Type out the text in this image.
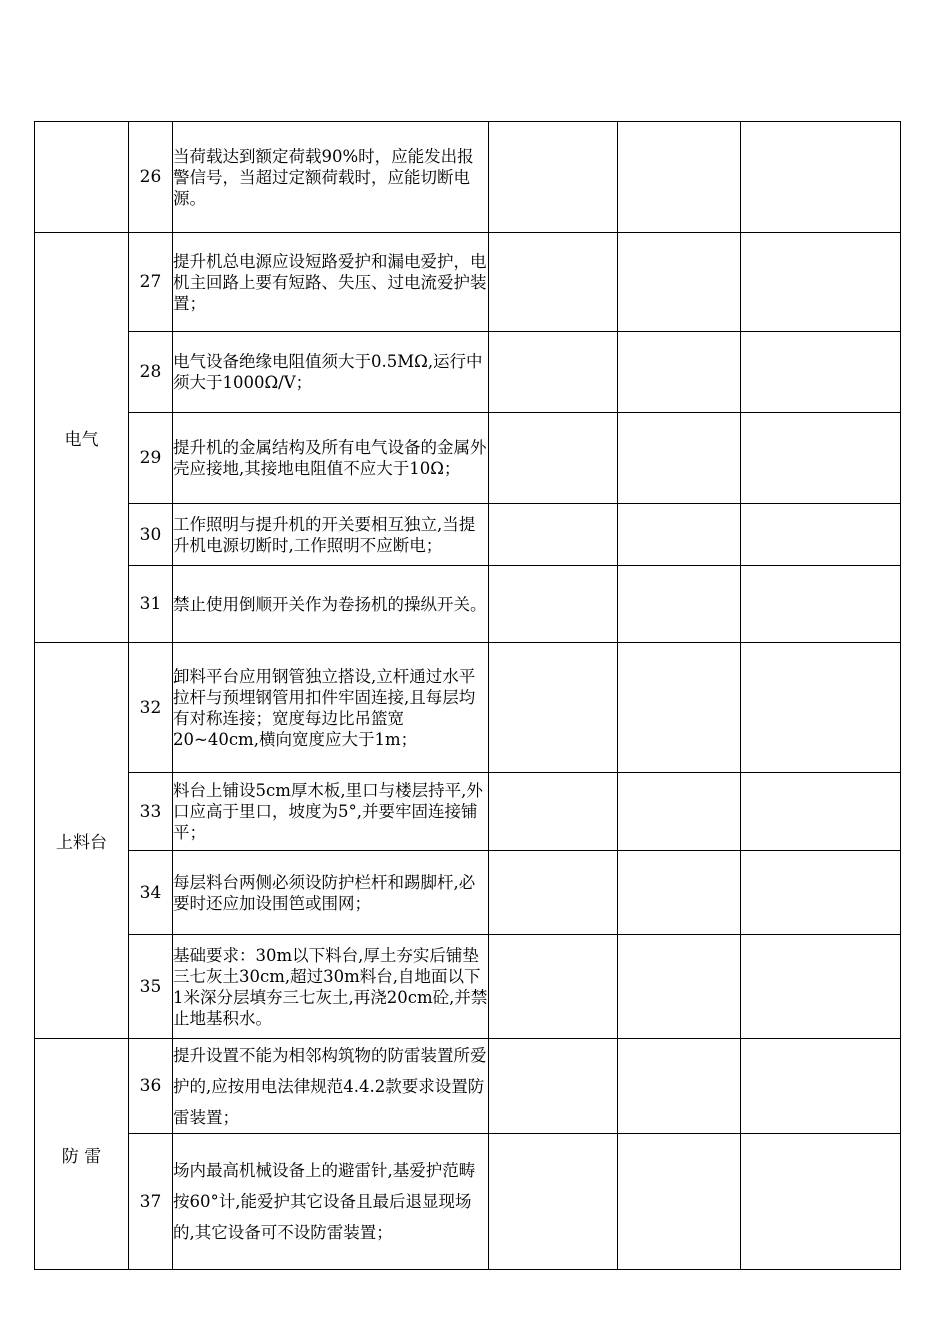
	26	当荷载达到额定荷载90%时，应能发出报警信号，当超过定额荷载时，应能切断电源。			
电气	27	提升机总电源应设短路爱护和漏电爱护，电机主回路上要有短路、失压、过电流爱护装置；			
	28	电气设备绝缘电阻值须大于0.5MΩ,运行中须大于1000Ω/V；			
	29	提升机的金属结构及所有电气设备的金属外壳应接地,其接地电阻值不应大于10Ω；			
	30	工作照明与提升机的开关要相互独立,当提升机电源切断时,工作照明不应断电；			
	31	禁止使用倒顺开关作为卷扬机的操纵开关。			
上料台	32	卸料平台应用钢管独立搭设,立杆通过水平拉杆与预埋钢管用扣件牢固连接,且每层均有对称连接；宽度每边比吊篮宽20~40cm,横向宽度应大于1m；			
	33	料台上铺设5cm厚木板,里口与楼层持平,外口应高于里口，坡度为5°,并要牢固连接铺平；			
	34	每层料台两侧必须设防护栏杆和踢脚杆,必要时还应加设围笆或围网；			
	35	基础要求：30m以下料台,厚土夯实后铺垫三七灰土30cm,超过30m料台,自地面以下1米深分层填夯三七灰土,再浇20cm砼,并禁止地基积水。			
防 雷	36	提升设置不能为相邻构筑物的防雷装置所爱护的,应按用电法律规范4.4.2款要求设置防雷装置；			
	37	场内最高机械设备上的避雷针,基爱护范畴按60°计,能爱护其它设备且最后退显现场的,其它设备可不设防雷装置；			
